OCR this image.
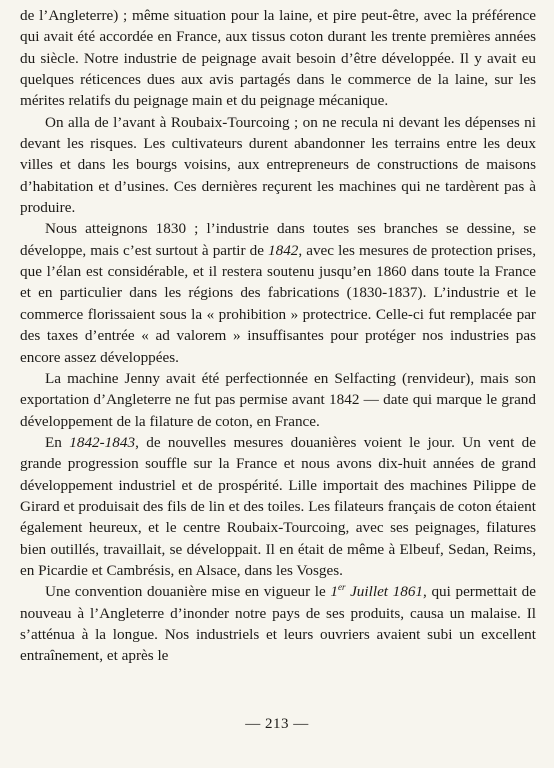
de l’Angleterre) ; même situation pour la laine, et pire peut-être, avec la préférence qui avait été accordée en France, aux tissus coton durant les trente premières années du siècle. Notre industrie de peignage avait besoin d’être développée. Il y avait eu quelques réticences dues aux avis partagés dans le commerce de la laine, sur les mérites relatifs du peignage main et du peignage mécanique.

On alla de l’avant à Roubaix-Tourcoing ; on ne recula ni devant les dépenses ni devant les risques. Les cultivateurs durent abandonner les terrains entre les deux villes et dans les bourgs voisins, aux entrepreneurs de constructions de maisons d’habitation et d’usines. Ces dernières reçurent les machines qui ne tardèrent pas à produire.

Nous atteignons 1830 ; l’industrie dans toutes ses branches se dessine, se développe, mais c’est surtout à partir de 1842, avec les mesures de protection prises, que l’élan est considérable, et il restera soutenu jusqu’en 1860 dans toute la France et en particulier dans les régions des fabrications (1830-1837). L’industrie et le commerce florissaient sous la « prohibition » protectrice. Celle-ci fut remplacée par des taxes d’entrée « ad valorem » insuffisantes pour protéger nos industries pas encore assez développées.

La machine Jenny avait été perfectionnée en Selfacting (renvideur), mais son exportation d’Angleterre ne fut pas permise avant 1842 — date qui marque le grand développement de la filature de coton, en France.

En 1842-1843, de nouvelles mesures douanières voient le jour. Un vent de grande progression souffle sur la France et nous avons dix-huit années de grand développement industriel et de prospérité. Lille importait des machines Pilippe de Girard et produisait des fils de lin et des toiles. Les filateurs français de coton étaient également heureux, et le centre Roubaix-Tourcoing, avec ses peignages, filatures bien outillés, travaillait, se développait. Il en était de même à Elbeuf, Sedan, Reims, en Picardie et Cambrésis, en Alsace, dans les Vosges.

Une convention douanière mise en vigueur le 1er Juillet 1861, qui permettait de nouveau à l’Angleterre d’inonder notre pays de ses produits, causa un malaise. Il s’atténua à la longue. Nos industriels et leurs ouvriers avaient subi un excellent entraînement, et après le

— 213 —
